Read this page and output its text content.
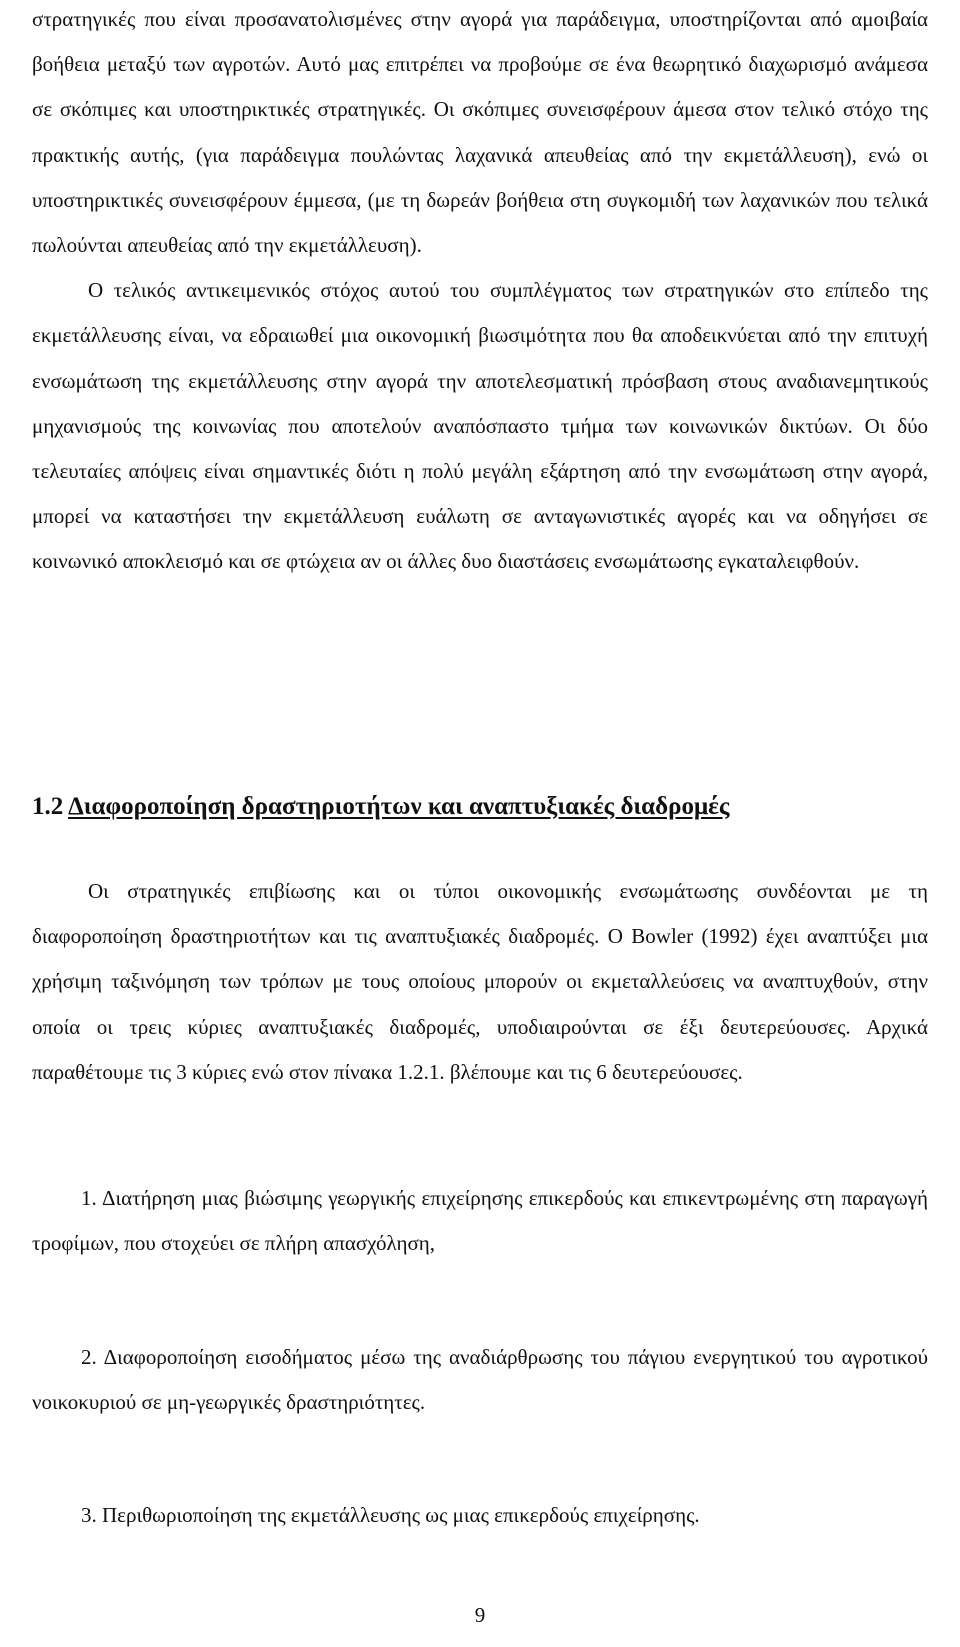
στρατηγικές που είναι προσανατολισμένες στην αγορά για παράδειγμα, υποστηρίζονται από αμοιβαία βοήθεια μεταξύ των αγροτών. Αυτό μας επιτρέπει να προβούμε σε ένα θεωρητικό διαχωρισμό ανάμεσα σε σκόπιμες και υποστηρικτικές στρατηγικές. Οι σκόπιμες συνεισφέρουν άμεσα στον τελικό στόχο της πρακτικής αυτής, (για παράδειγμα πουλώντας λαχανικά απευθείας από την εκμετάλλευση), ενώ οι υποστηρικτικές συνεισφέρουν έμμεσα, (με τη δωρεάν βοήθεια στη συγκομιδή των λαχανικών που τελικά πωλούνται απευθείας από την εκμετάλλευση).

Ο τελικός αντικειμενικός στόχος αυτού του συμπλέγματος των στρατηγικών στο επίπεδο της εκμετάλλευσης είναι, να εδραιωθεί μια οικονομική βιωσιμότητα που θα αποδεικνύεται από την επιτυχή ενσωμάτωση της εκμετάλλευσης στην αγορά την αποτελεσματική πρόσβαση στους αναδιανεμητικούς μηχανισμούς της κοινωνίας που αποτελούν αναπόσπαστο τμήμα των κοινωνικών δικτύων. Οι δύο τελευταίες απόψεις είναι σημαντικές διότι η πολύ μεγάλη εξάρτηση από την ενσωμάτωση στην αγορά, μπορεί να καταστήσει την εκμετάλλευση ευάλωτη σε ανταγωνιστικές αγορές και να οδηγήσει σε κοινωνικό αποκλεισμό και σε φτώχεια αν οι άλλες δυο διαστάσεις ενσωμάτωσης εγκαταλειφθούν.

1.2 Διαφοροποίηση δραστηριοτήτων και αναπτυξιακές διαδρομές

Οι στρατηγικές επιβίωσης και οι τύποι οικονομικής ενσωμάτωσης συνδέονται με τη διαφοροποίηση δραστηριοτήτων και τις αναπτυξιακές διαδρομές. Ο Bowler (1992) έχει αναπτύξει μια χρήσιμη ταξινόμηση των τρόπων με τους οποίους μπορούν οι εκμεταλλεύσεις να αναπτυχθούν, στην οποία οι τρεις κύριες αναπτυξιακές διαδρομές, υποδιαιρούνται σε έξι δευτερεύουσες. Αρχικά παραθέτουμε τις 3 κύριες ενώ στον πίνακα 1.2.1. βλέπουμε και τις 6 δευτερεύουσες.

1. Διατήρηση μιας βιώσιμης γεωργικής επιχείρησης επικερδούς και επικεντρωμένης στη παραγωγή τροφίμων, που στοχεύει σε πλήρη απασχόληση,

2. Διαφοροποίηση εισοδήματος μέσω της αναδιάρθρωσης του πάγιου ενεργητικού του αγροτικού νοικοκυριού σε μη-γεωργικές δραστηριότητες.

3. Περιθωριοποίηση της εκμετάλλευσης ως μιας επικερδούς επιχείρησης.

9
